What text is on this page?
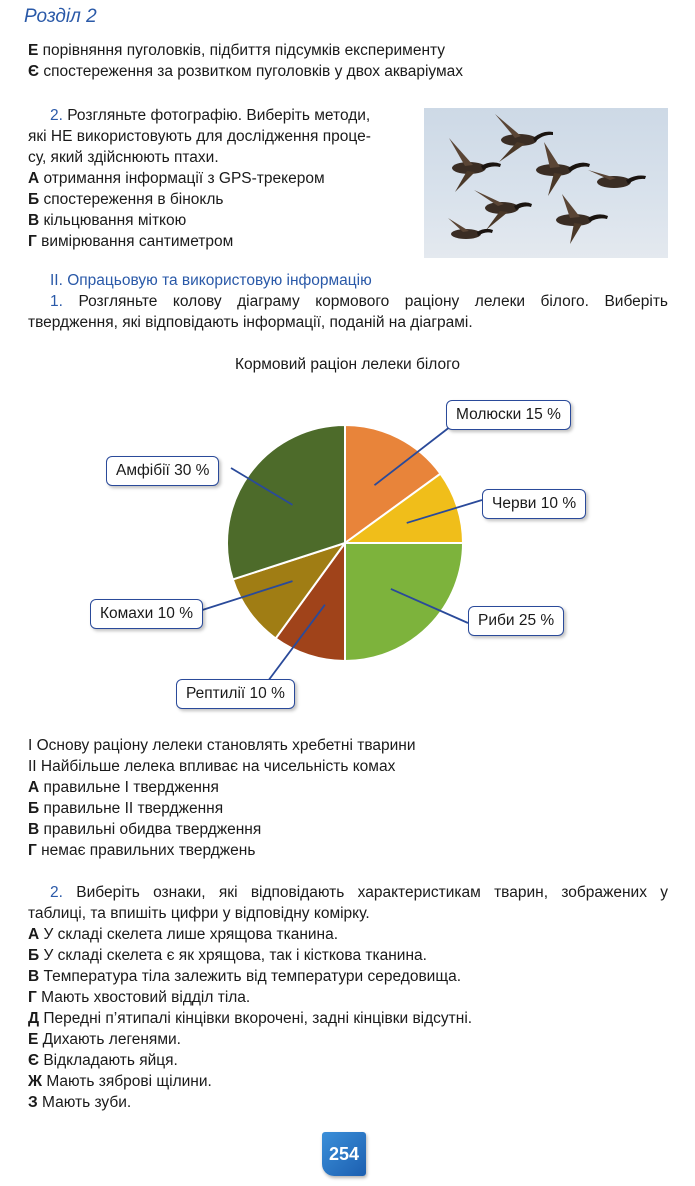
Розділ 2
Е порівняння пуголовків, підбиття підсумків експерименту
Є спостереження за розвитком пуголовків у двох акваріумах
2. Розгляньте фотографію. Виберіть методи,
які НЕ використовують для дослідження проце-
су, який здійснюють птахи.
А отримання інформації з GPS-трекером
Б спостереження в бінокль
В кільцювання міткою
Г вимірювання сантиметром
ІІ. Опрацьовую та використовую інформацію
1. Розгляньте колову діаграму кормового раціону лелеки білого. Виберіть
твердження, які відповідають інформації, поданій на діаграмі.
Кормовий раціон лелеки білого
Молюски 15 %
Черви 10 %
Риби 25 %
Рептилії 10 %
Комахи 10 %
Амфібії 30 %
І Основу раціону лелеки становлять хребетні тварини
ІІ Найбільше лелека впливає на чисельність комах
А правильне І твердження
Б правильне ІІ твердження
В правильні обидва твердження
Г немає правильних тверджень
2. Виберіть ознаки, які відповідають характеристикам тварин, зображених у
таблиці, та впишіть цифри у відповідну комірку.
А У складі скелета лише хрящова тканина.
Б У складі скелета є як хрящова, так і кісткова тканина.
В Температура тіла залежить від температури середовища.
Г Мають хвостовий відділ тіла.
Д Передні п’ятипалі кінцівки вкорочені, задні кінцівки відсутні.
Е Дихають легенями.
Є Відкладають яйця.
Ж Мають зяброві щілини.
З Мають зуби.
254
